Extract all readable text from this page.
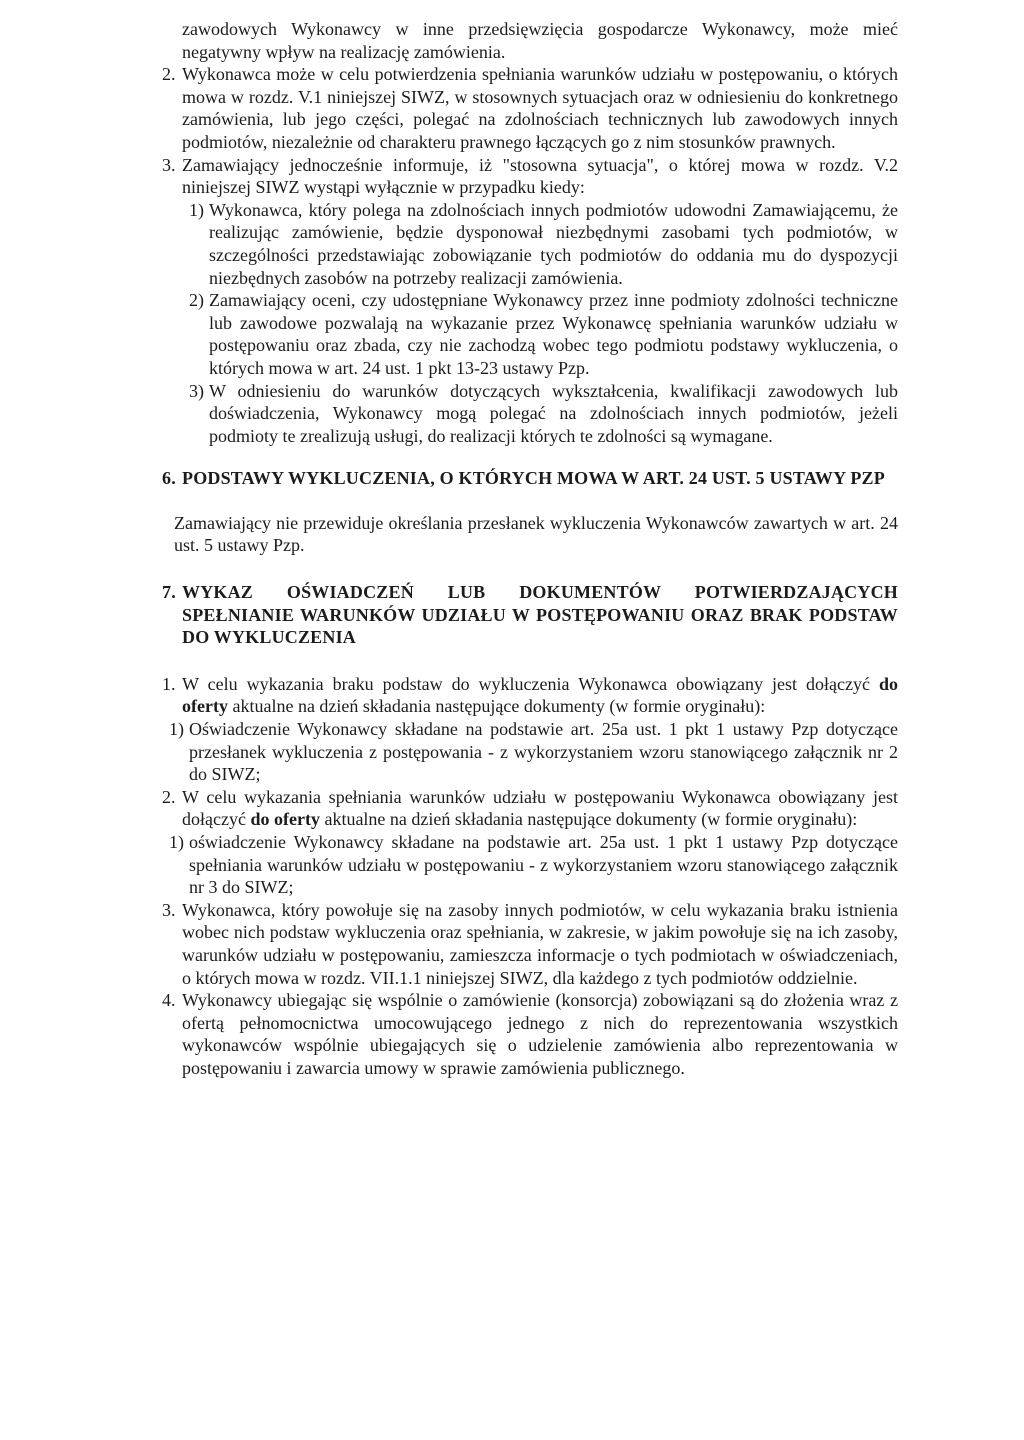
zawodowych Wykonawcy w inne przedsięwzięcia gospodarcze Wykonawcy, może mieć negatywny wpływ na realizację zamówienia.

2. Wykonawca może w celu potwierdzenia spełniania warunków udziału w postępowaniu, o których mowa w rozdz. V.1 niniejszej SIWZ, w stosownych sytuacjach oraz w odniesieniu do konkretnego zamówienia, lub jego części, polegać na zdolnościach technicznych lub zawodowych innych podmiotów, niezależnie od charakteru prawnego łączących go z nim stosunków prawnych.
3. Zamawiający jednocześnie informuje, iż "stosowna sytuacja", o której mowa w rozdz. V.2 niniejszej SIWZ wystąpi wyłącznie w przypadku kiedy:
1) Wykonawca, który polega na zdolnościach innych podmiotów udowodni Zamawiającemu, że realizując zamówienie, będzie dysponował niezbędnymi zasobami tych podmiotów, w szczególności przedstawiając zobowiązanie tych podmiotów do oddania mu do dyspozycji niezbędnych zasobów na potrzeby realizacji zamówienia.
2) Zamawiający oceni, czy udostępniane Wykonawcy przez inne podmioty zdolności techniczne lub zawodowe pozwalają na wykazanie przez Wykonawcę spełniania warunków udziału w postępowaniu oraz zbada, czy nie zachodzą wobec tego podmiotu podstawy wykluczenia, o których mowa w art. 24 ust. 1 pkt 13-23 ustawy Pzp.
3) W odniesieniu do warunków dotyczących wykształcenia, kwalifikacji zawodowych lub doświadczenia, Wykonawcy mogą polegać na zdolnościach innych podmiotów, jeżeli podmioty te zrealizują usługi, do realizacji których te zdolności są wymagane.
6. PODSTAWY WYKLUCZENIA, O KTÓRYCH MOWA W ART. 24 UST. 5 USTAWY PZP

Zamawiający nie przewiduje określania przesłanek wykluczenia Wykonawców zawartych w art. 24 ust. 5 ustawy Pzp.

7. WYKAZ OŚWIADCZEŃ LUB DOKUMENTÓW POTWIERDZAJĄCYCH SPEŁNIANIE WARUNKÓW UDZIAŁU W POSTĘPOWANIU ORAZ BRAK PODSTAW DO WYKLUCZENIA
1. W celu wykazania braku podstaw do wykluczenia Wykonawca obowiązany jest dołączyć do oferty aktualne na dzień składania następujące dokumenty (w formie oryginału):
1) Oświadczenie Wykonawcy składane na podstawie art. 25a ust. 1 pkt 1 ustawy Pzp dotyczące przesłanek wykluczenia z postępowania - z wykorzystaniem wzoru stanowiącego załącznik nr 2 do SIWZ;
2. W celu wykazania spełniania warunków udziału w postępowaniu Wykonawca obowiązany jest dołączyć do oferty aktualne na dzień składania następujące dokumenty (w formie oryginału):
1) oświadczenie Wykonawcy składane na podstawie art. 25a ust. 1 pkt 1 ustawy Pzp dotyczące spełniania warunków udziału w postępowaniu - z wykorzystaniem wzoru stanowiącego załącznik nr 3 do SIWZ;
3. Wykonawca, który powołuje się na zasoby innych podmiotów, w celu wykazania braku istnienia wobec nich podstaw wykluczenia oraz spełniania, w zakresie, w jakim powołuje się na ich zasoby, warunków udziału w postępowaniu, zamieszcza informacje o tych podmiotach w oświadczeniach, o których mowa w rozdz. VII.1.1 niniejszej SIWZ, dla każdego z tych podmiotów oddzielnie.
4. Wykonawcy ubiegając się wspólnie o zamówienie (konsorcja) zobowiązani są do złożenia wraz z ofertą pełnomocnictwa umocowującego jednego z nich do reprezentowania wszystkich wykonawców wspólnie ubiegających się o udzielenie zamówienia albo reprezentowania w postępowaniu i zawarcia umowy w sprawie zamówienia publicznego.
